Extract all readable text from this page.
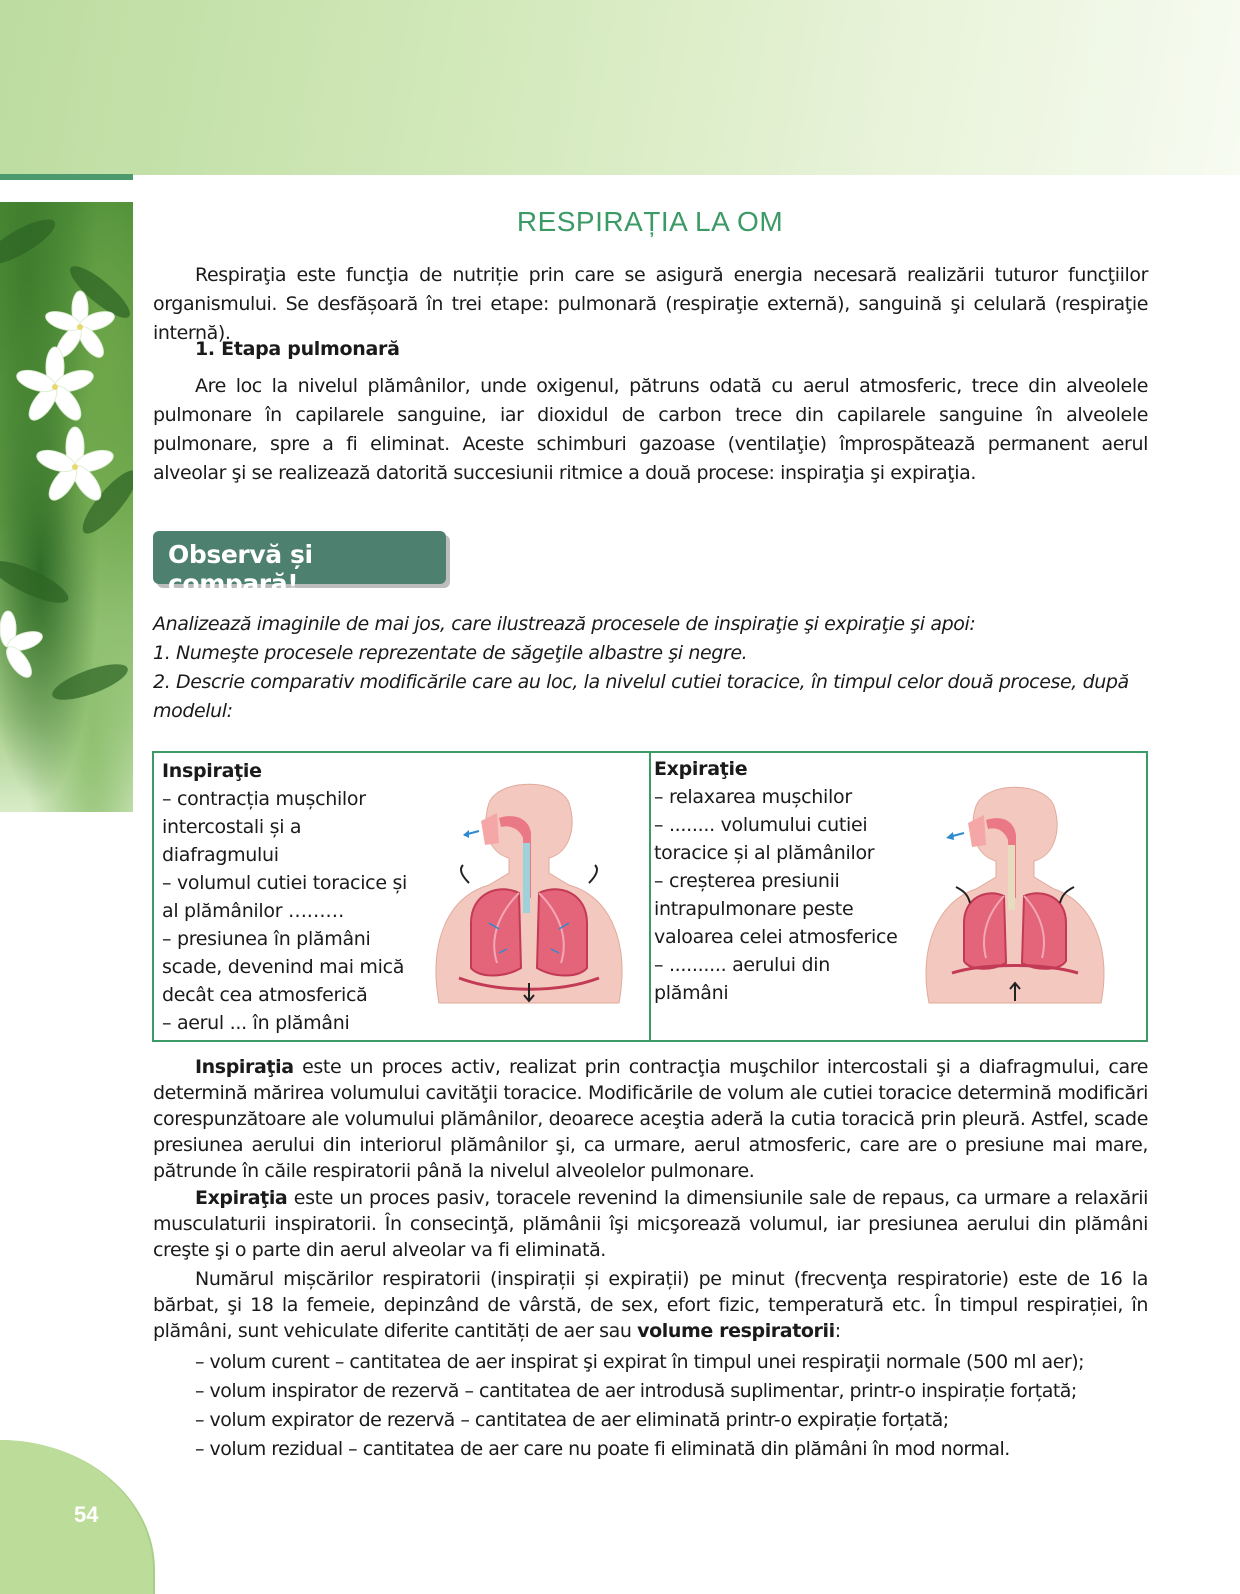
54
RESPIRAȚIA LA OM

Respiraţia este funcţia de nutriție prin care se asigură energia necesară realizării tuturor funcţiilor organismului. Se desfășoară în trei etape: pulmonară (respiraţie externă), sanguină şi celulară (respiraţie internă).

1. Etapa pulmonară

Are loc la nivelul plămânilor, unde oxigenul, pătruns odată cu aerul atmosferic, trece din alveolele pulmonare în capilarele sanguine, iar dioxidul de carbon trece din capilarele sanguine în alveolele pulmonare, spre a fi eliminat. Aceste schimburi gazoase (ventilaţie) împrospătează permanent aerul alveolar şi se realizează datorită succesiunii ritmice a două procese: inspiraţia şi expiraţia.

Observă și compară!
Analizează imaginile de mai jos, care ilustrează procesele de inspiraţie şi expiraţie şi apoi:
1. Numeşte procesele reprezentate de săgeţile albastre şi negre.
2. Descrie comparativ modificările care au loc, la nivelul cutiei toracice, în timpul celor două procese, după modelul:
Inspiraţie
– contracția mușchilor
intercostali și a
diafragmului
– volumul cutiei toracice și
al plămânilor ………
– presiunea în plămâni
scade, devenind mai mică
decât cea atmosferică
– aerul ... în plămâni
Expiraţie
– relaxarea mușchilor
– ........ volumului cutiei
toracice și al plămânilor
– creșterea presiunii
intrapulmonare peste
valoarea celei atmosferice
– .......... aerului din
plămâni

Inspiraţia este un proces activ, realizat prin contracţia muşchilor intercostali şi a diafragmului, care determină mărirea volumului cavităţii toracice. Modificările de volum ale cutiei toracice determină modificări corespunzătoare ale volumului plămânilor, deoarece aceştia aderă la cutia toracică prin pleură. Astfel, scade presiunea aerului din interiorul plămânilor şi, ca urmare, aerul atmosferic, care are o presiune mai mare, pătrunde în căile respiratorii până la nivelul alveolelor pulmonare.

Expiraţia este un proces pasiv, toracele revenind la dimensiunile sale de repaus, ca urmare a relaxării musculaturii inspiratorii. În consecinţă, plămânii îşi micşorează volumul, iar presiunea aerului din plămâni creşte şi o parte din aerul alveolar va fi eliminată.

Numărul mișcărilor respiratorii (inspirații și expirații) pe minut (frecvenţa respiratorie) este de 16 la bărbat, şi 18 la femeie, depinzând de vârstă, de sex, efort fizic, temperatură etc. În timpul respirației, în plămâni, sunt vehiculate diferite cantități de aer sau volume respiratorii:

– volum curent – cantitatea de aer inspirat şi expirat în timpul unei respiraţii normale (500 ml aer);
– volum inspirator de rezervă – cantitatea de aer introdusă suplimentar, printr-o inspirație forțată;
– volum expirator de rezervă – cantitatea de aer eliminată printr-o expirație forțată;
– volum rezidual – cantitatea de aer care nu poate fi eliminată din plămâni în mod normal.
